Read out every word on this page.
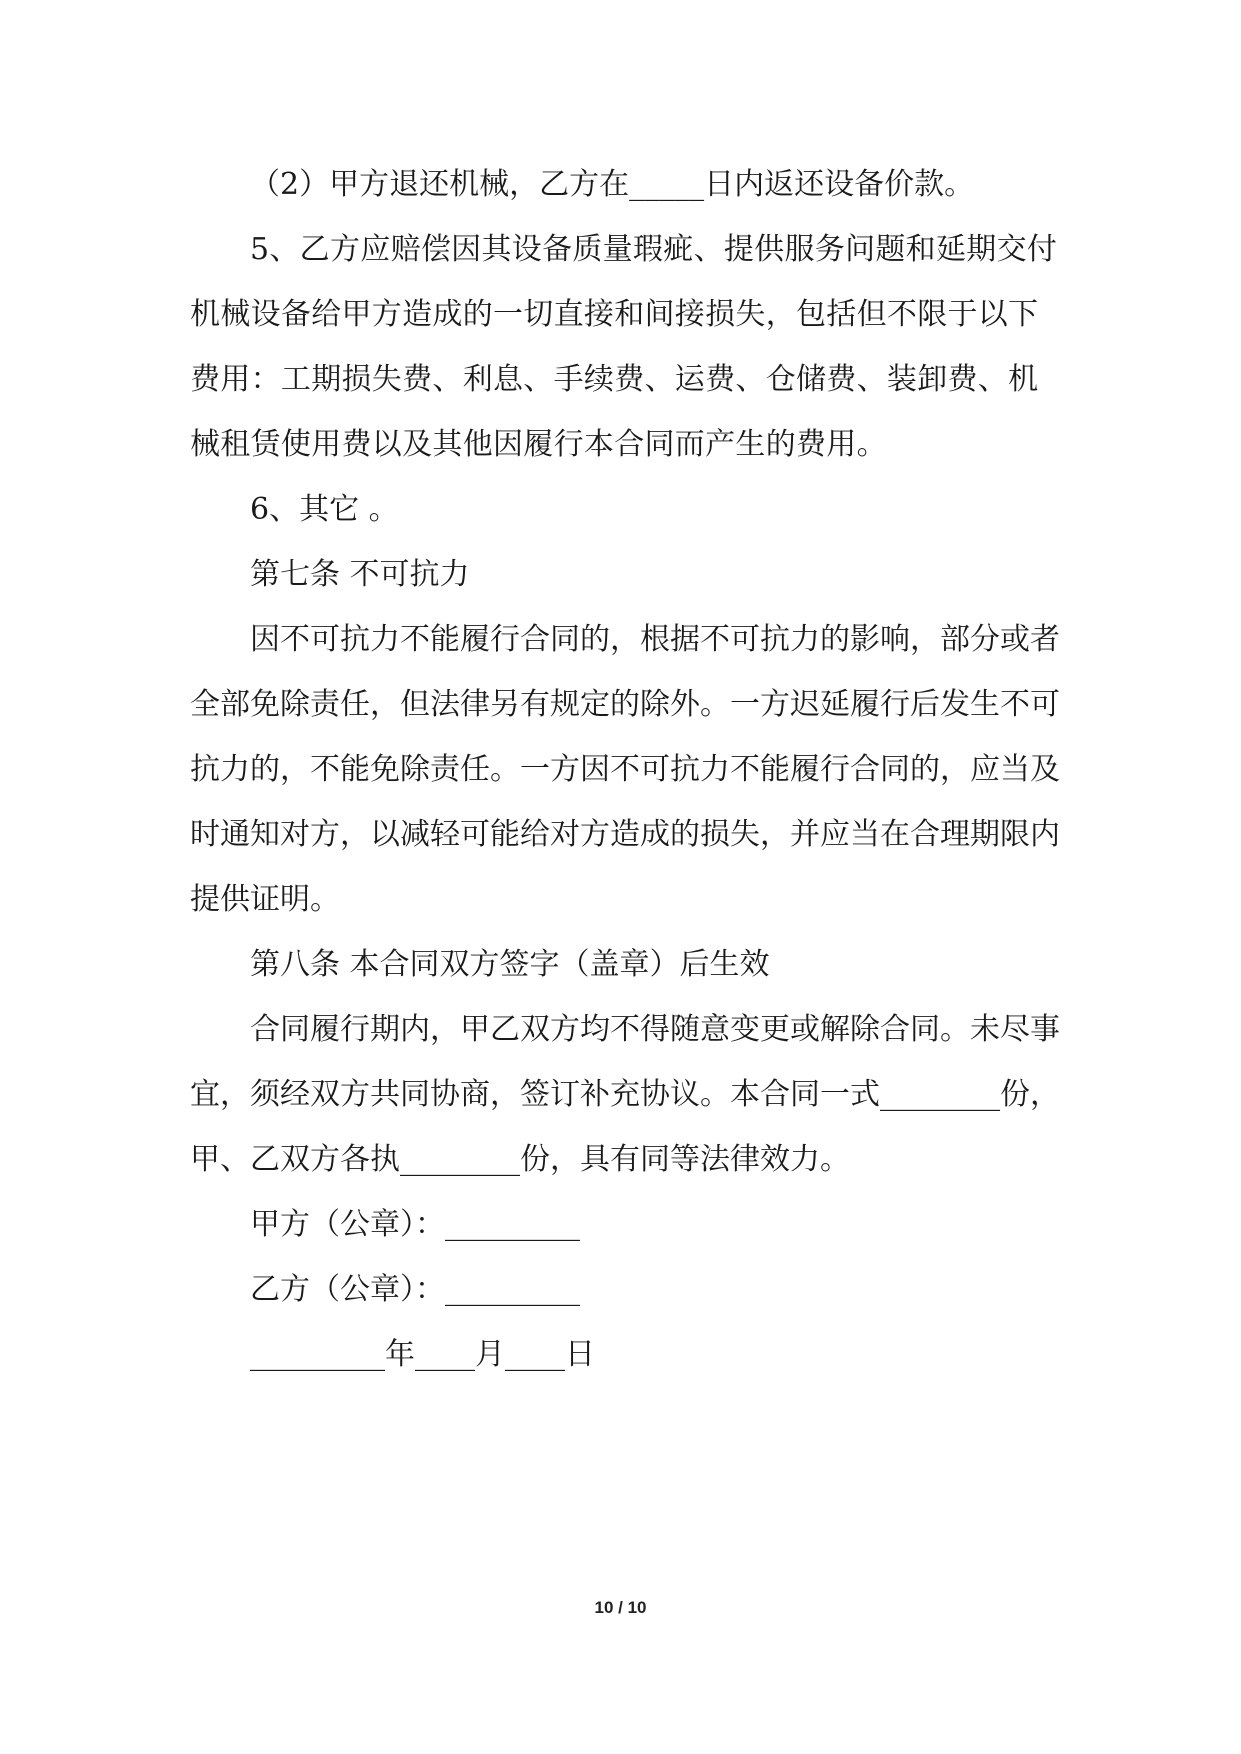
（2）甲方退还机械，乙方在_____日内返还设备价款。

5、乙方应赔偿因其设备质量瑕疵、提供服务问题和延期交付机械设备给甲方造成的一切直接和间接损失，包括但不限于以下费用：工期损失费、利息、手续费、运费、仓储费、装卸费、机械租赁使用费以及其他因履行本合同而产生的费用。

6、其它 。

第七条 不可抗力

因不可抗力不能履行合同的，根据不可抗力的影响，部分或者全部免除责任，但法律另有规定的除外。一方迟延履行后发生不可抗力的，不能免除责任。一方因不可抗力不能履行合同的，应当及时通知对方，以减轻可能给对方造成的损失，并应当在合理期限内提供证明。

第八条 本合同双方签字（盖章）后生效

合同履行期内，甲乙双方均不得随意变更或解除合同。未尽事宜，须经双方共同协商，签订补充协议。本合同一式________份，甲、乙双方各执________份，具有同等法律效力。

甲方（公章）：_________

乙方（公章）：_________

_________年____月____日

10 / 10
